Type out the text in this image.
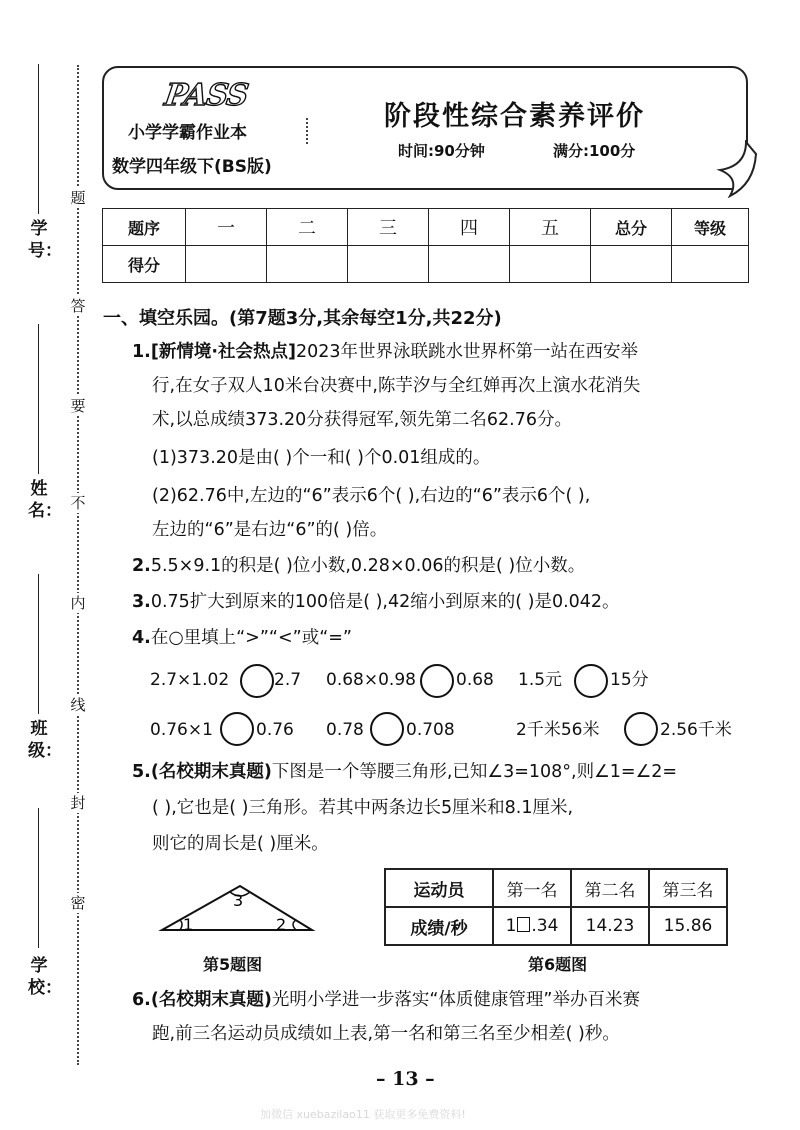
学号：
姓名：
班级：
学校：
题
答
要
不
内
线
封
密
PASS
小学学霸作业本
数学四年级下(BS版)
阶段性综合素养评价
时间:90分钟	满分:100分
题序	一	二	三	四	五	总分	等级
得分							
一、填空乐园。(第7题3分,其余每空1分,共22分)
1.[新情境·社会热点]2023年世界泳联跳水世界杯第一站在西安举
行,在女子双人10米台决赛中,陈芋汐与全红婵再次上演水花消失
术,以总成绩373.20分获得冠军,领先第二名62.76分。
(1)373.20是由( )个一和( )个0.01组成的。
(2)62.76中,左边的“6”表示6个( ),右边的“6”表示6个( ),
左边的“6”是右边“6”的( )倍。
2.5.5×9.1的积是( )位小数,0.28×0.06的积是( )位小数。
3.0.75扩大到原来的100倍是( ),42缩小到原来的( )是0.042。
4.在○里填上“>”“<”或“=”
2.7×1.02	2.7 0.68×0.98 0.68 1.5元	15分
0.76×1	0.76 0.78 0.708	2千米56米	2.56千米
5.(名校期末真题)下图是一个等腰三角形,已知∠3=108°,则∠1=∠2=
( ),它也是( )三角形。若其中两条边长5厘米和8.1厘米,
则它的周长是( )厘米。
3
1	2
第5题图
运动员	第一名	第二名	第三名
成绩/秒	1 .34	14.23	15.86
第6题图
6.(名校期末真题)光明小学进一步落实“体质健康管理”举办百米赛
跑,前三名运动员成绩如上表,第一名和第三名至少相差( )秒。
– 13 –
加微信 xuebazilao11 获取更多免费资料!
